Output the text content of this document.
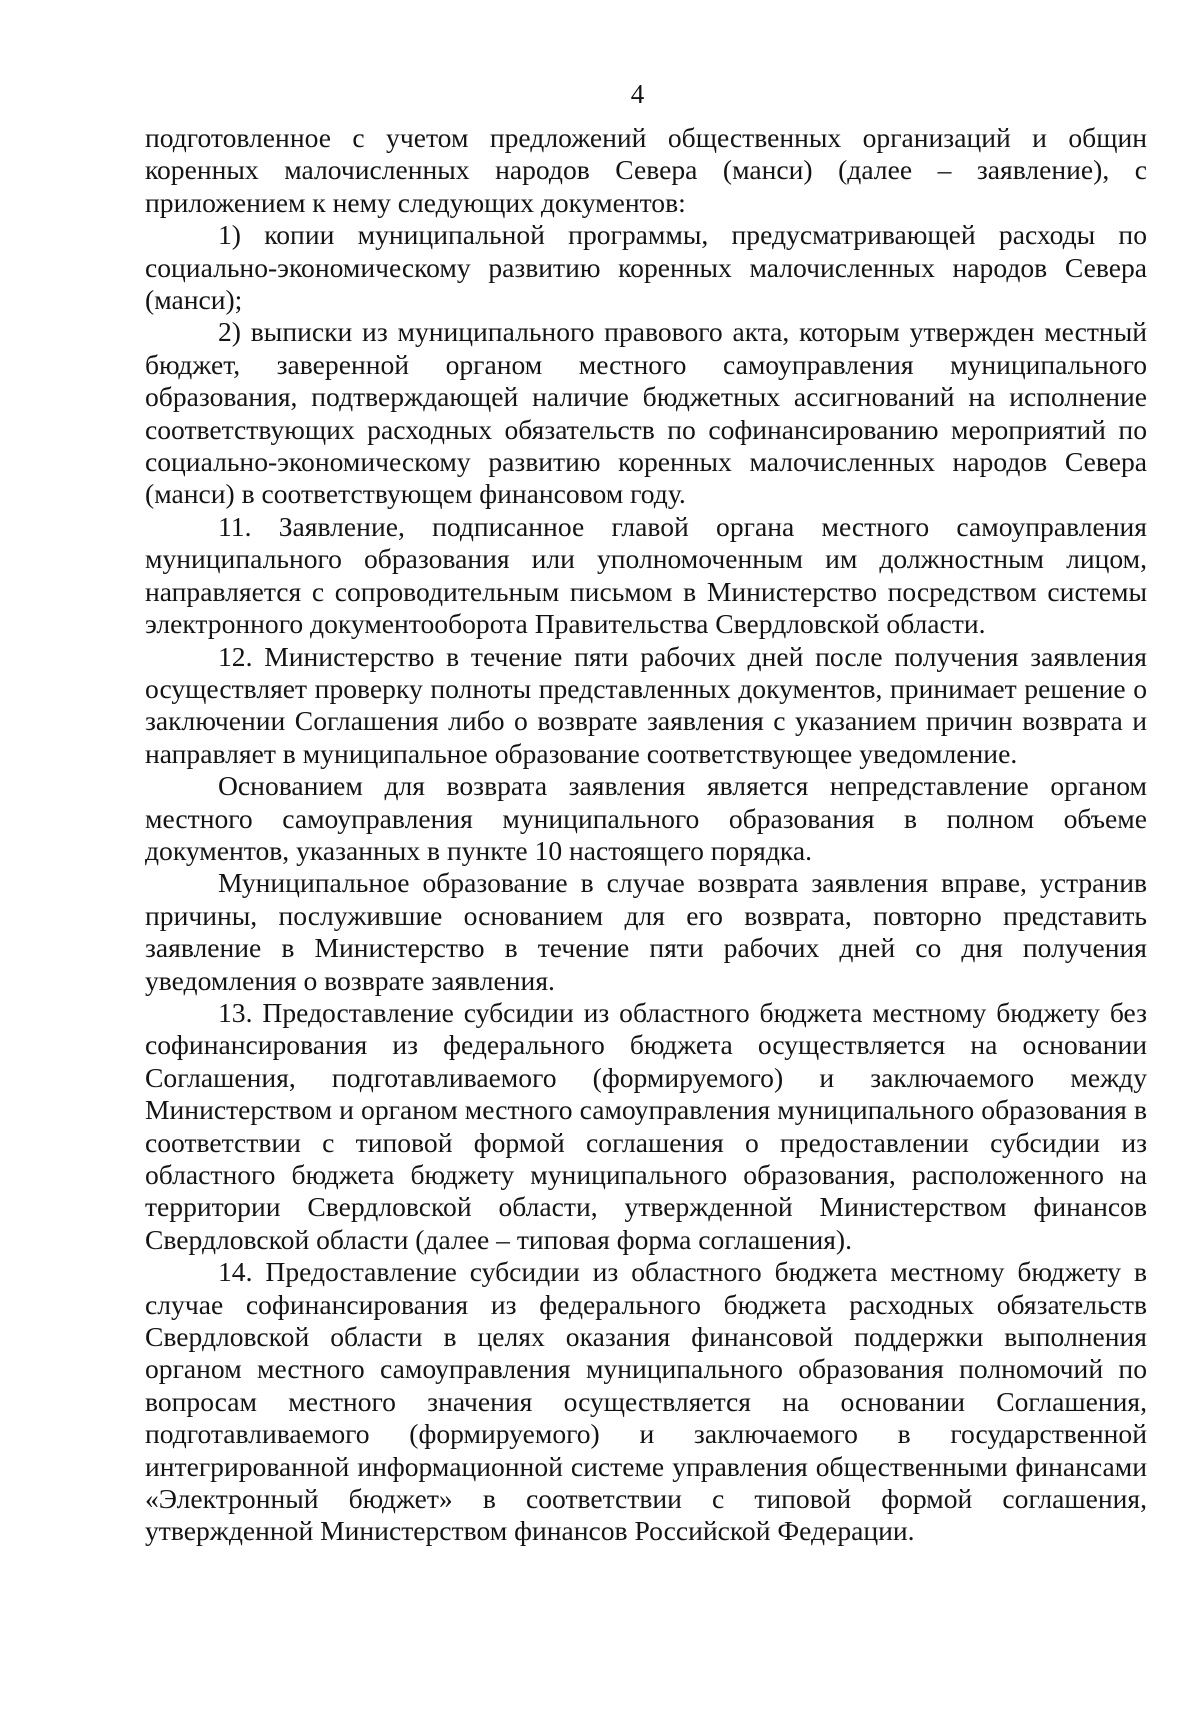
4

подготовленное с учетом предложений общественных организаций и общин коренных малочисленных народов Севера (манси) (далее – заявление), с приложением к нему следующих документов:

1) копии муниципальной программы, предусматривающей расходы по социально-экономическому развитию коренных малочисленных народов Севера (манси);

2) выписки из муниципального правового акта, которым утвержден местный бюджет, заверенной органом местного самоуправления муниципального образования, подтверждающей наличие бюджетных ассигнований на исполнение соответствующих расходных обязательств по софинансированию мероприятий по социально-экономическому развитию коренных малочисленных народов Севера (манси) в соответствующем финансовом году.

11. Заявление, подписанное главой органа местного самоуправления муниципального образования или уполномоченным им должностным лицом, направляется с сопроводительным письмом в Министерство посредством системы электронного документооборота Правительства Свердловской области.

12. Министерство в течение пяти рабочих дней после получения заявления осуществляет проверку полноты представленных документов, принимает решение о заключении Соглашения либо о возврате заявления с указанием причин возврата и направляет в муниципальное образование соответствующее уведомление.

Основанием для возврата заявления является непредставление органом местного самоуправления муниципального образования в полном объеме документов, указанных в пункте 10 настоящего порядка.

Муниципальное образование в случае возврата заявления вправе, устранив причины, послужившие основанием для его возврата, повторно представить заявление в Министерство в течение пяти рабочих дней со дня получения уведомления о возврате заявления.

13. Предоставление субсидии из областного бюджета местному бюджету без софинансирования из федерального бюджета осуществляется на основании Соглашения, подготавливаемого (формируемого) и заключаемого между Министерством и органом местного самоуправления муниципального образования в соответствии с типовой формой соглашения о предоставлении субсидии из областного бюджета бюджету муниципального образования, расположенного на территории Свердловской области, утвержденной Министерством финансов Свердловской области (далее – типовая форма соглашения).

14. Предоставление субсидии из областного бюджета местному бюджету в случае софинансирования из федерального бюджета расходных обязательств Свердловской области в целях оказания финансовой поддержки выполнения органом местного самоуправления муниципального образования полномочий по вопросам местного значения осуществляется на основании Соглашения, подготавливаемого (формируемого) и заключаемого в государственной интегрированной информационной системе управления общественными финансами «Электронный бюджет» в соответствии с типовой формой соглашения, утвержденной Министерством финансов Российской Федерации.
